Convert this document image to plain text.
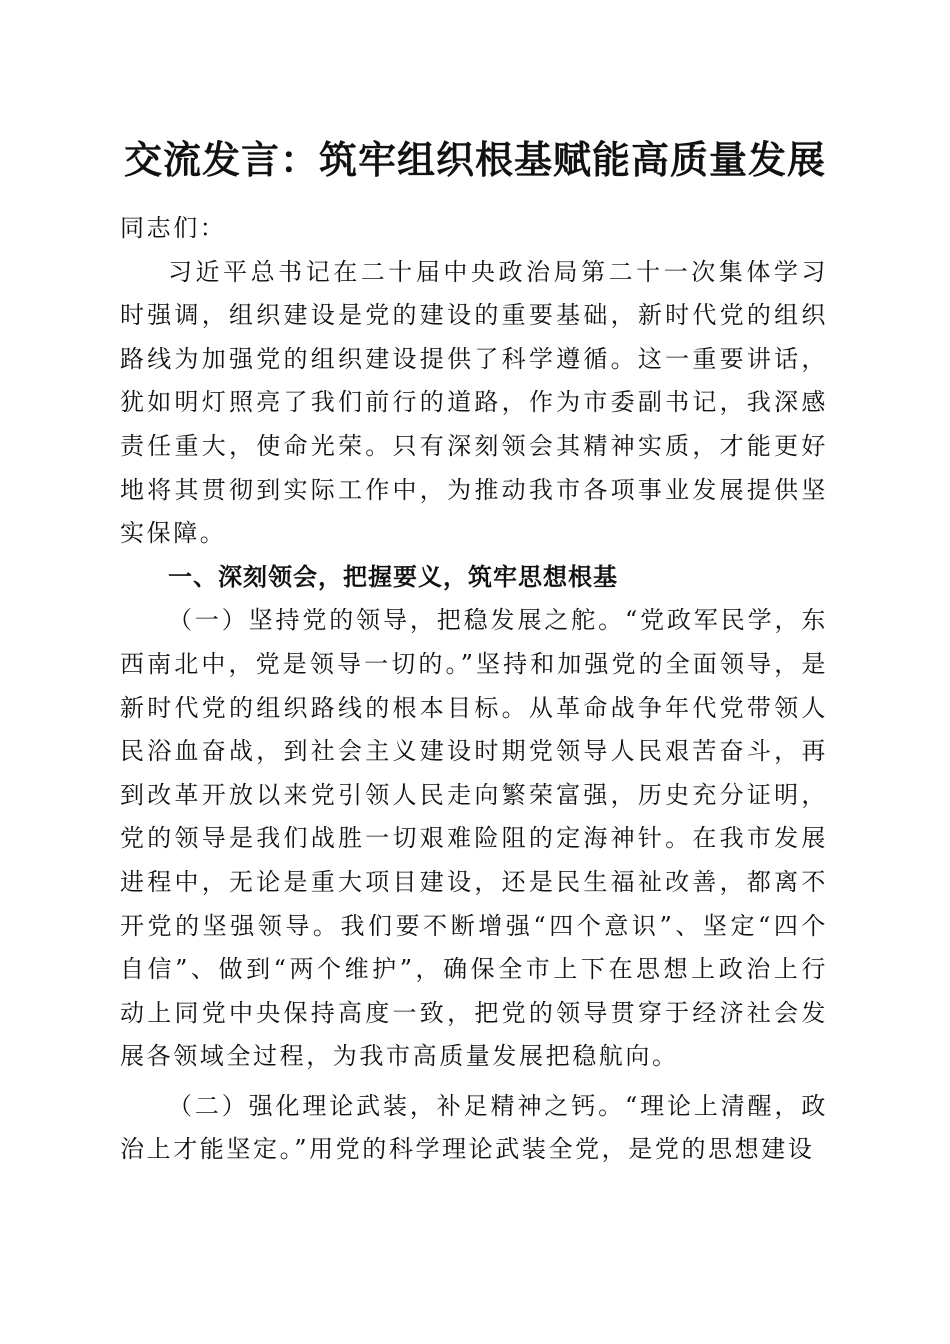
交流发言：筑牢组织根基赋能高质量发展

同志们：

习近平总书记在二十届中央政治局第二十一次集体学习时强调，组织建设是党的建设的重要基础，新时代党的组织路线为加强党的组织建设提供了科学遵循。这一重要讲话，犹如明灯照亮了我们前行的道路，作为市委副书记，我深感责任重大，使命光荣。只有深刻领会其精神实质，才能更好地将其贯彻到实际工作中，为推动我市各项事业发展提供坚实保障。

一、深刻领会，把握要义，筑牢思想根基

（一）坚持党的领导，把稳发展之舵。“党政军民学，东西南北中，党是领导一切的。”坚持和加强党的全面领导，是新时代党的组织路线的根本目标。从革命战争年代党带领人民浴血奋战，到社会主义建设时期党领导人民艰苦奋斗，再到改革开放以来党引领人民走向繁荣富强，历史充分证明，党的领导是我们战胜一切艰难险阻的定海神针。在我市发展进程中，无论是重大项目建设，还是民生福祉改善，都离不开党的坚强领导。我们要不断增强“四个意识”、坚定“四个自信”、做到“两个维护”，确保全市上下在思想上政治上行动上同党中央保持高度一致，把党的领导贯穿于经济社会发展各领域全过程，为我市高质量发展把稳航向。

（二）强化理论武装，补足精神之钙。“理论上清醒，政治上才能坚定。”用党的科学理论武装全党，是党的思想建设
